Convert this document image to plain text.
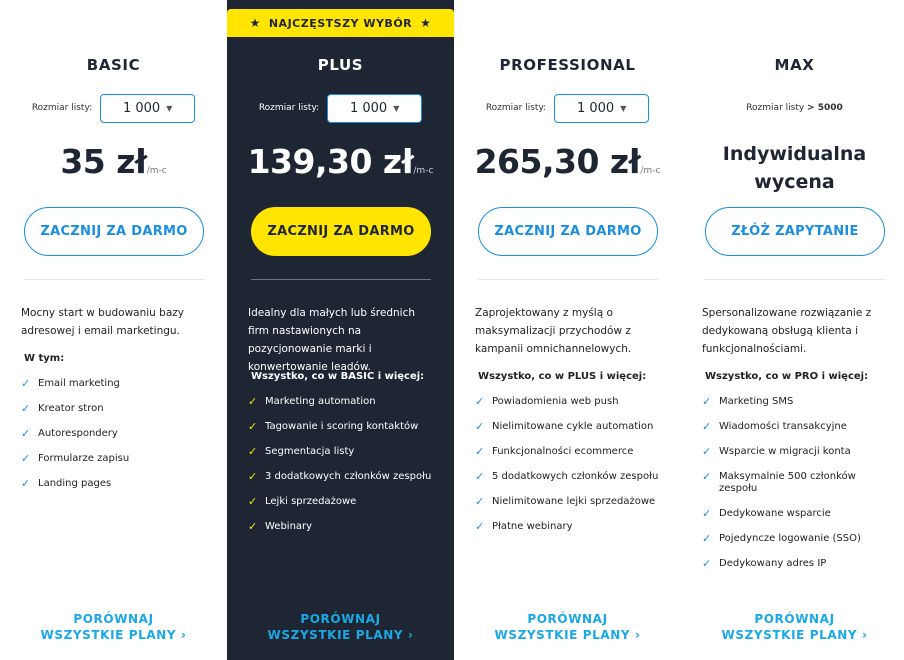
BASIC
Rozmiar listy: 1 000 ▼
35 zł/m-c
ZACZNIJ ZA DARMO

Mocny start w budowaniu bazy adresowej i email marketingu.

W tym:
✓ Email marketing
✓ Kreator stron
✓ Autorespondery
✓ Formularze zapisu
✓ Landing pages
PORÓWNAJ WSZYSTKIE PLANY ›
★ NAJCZĘSTSZY WYBÓR ★
PLUS
Rozmiar listy: 1 000 ▼
139,30 zł/m-c
ZACZNIJ ZA DARMO

Idealny dla małych lub średnich firm nastawionych na pozycjonowanie marki i konwertowanie leadów.

Wszystko, co w BASIC i więcej:
✓ Marketing automation
✓ Tagowanie i scoring kontaktów
✓ Segmentacja listy
✓ 3 dodatkowych członków zespołu
✓ Lejki sprzedażowe
✓ Webinary
PORÓWNAJ WSZYSTKIE PLANY ›
PROFESSIONAL
Rozmiar listy: 1 000 ▼
265,30 zł/m-c
ZACZNIJ ZA DARMO

Zaprojektowany z myślą o maksymalizacji przychodów z kampanii omnichannelowych.

Wszystko, co w PLUS i więcej:
✓ Powiadomienia web push
✓ Nielimitowane cykle automation
✓ Funkcjonalności ecommerce
✓ 5 dodatkowych członków zespołu
✓ Nielimitowane lejki sprzedażowe
✓ Płatne webinary
PORÓWNAJ WSZYSTKIE PLANY ›
MAX
Rozmiar listy > 5000
Indywidualna wycena
ZŁÓŻ ZAPYTANIE

Spersonalizowane rozwiązanie z dedykowaną obsługą klienta i funkcjonalnościami.

Wszystko, co w PRO i więcej:
✓ Marketing SMS
✓ Wiadomości transakcyjne
✓ Wsparcie w migracji konta
✓ Maksymalnie 500 członków zespołu
✓ Dedykowane wsparcie
✓ Pojedyncze logowanie (SSO)
✓ Dedykowany adres IP
PORÓWNAJ WSZYSTKIE PLANY ›
